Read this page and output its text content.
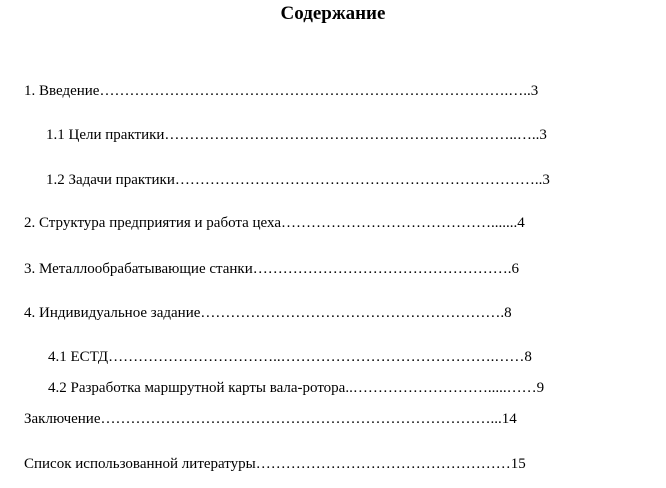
Содержание
1. Введение……………………………………………………………………….…..3
1.1 Цели практики……………………………………………………………..…..3
1.2 Задачи практики………………………………………………………………..3
2. Структура предприятия и работа цеха…………………………………….......4
3. Металлообрабатывающие станки…………………………………………….6
4. Индивидуальное задание…………………………………………………….8
4.1 ЕСТД……………………………..…………………………………….……8
4.2 Разработка маршрутной карты вала-ротора..……………………….....……9
Заключение……………………………………………………………………...14
Список использованной литературы……………………………………………15
